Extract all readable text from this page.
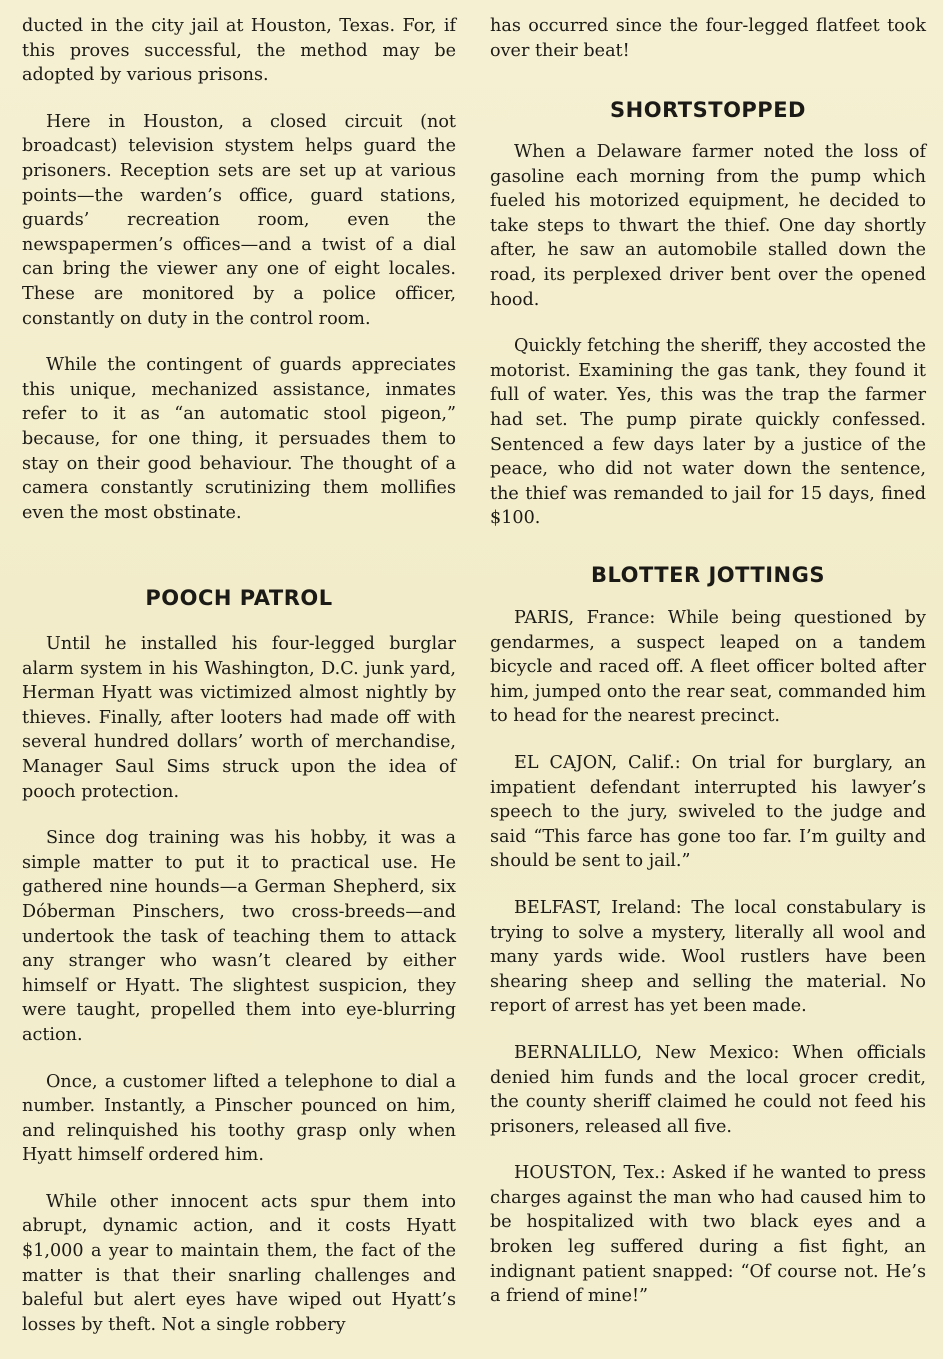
ducted in the city jail at Houston, Texas. For, if this proves successful, the method may be adopted by various prisons.

Here in Houston, a closed circuit (not broadcast) television stystem helps guard the prisoners. Reception sets are set up at various points—the warden’s office, guard stations, guards’ recreation room, even the newspapermen’s offices—and a twist of a dial can bring the viewer any one of eight locales. These are monitored by a police officer, constantly on duty in the control room.

While the contingent of guards appreciates this unique, mechanized assistance, inmates refer to it as “an automatic stool pigeon,” because, for one thing, it persuades them to stay on their good behaviour. The thought of a camera constantly scrutinizing them mollifies even the most obstinate.

POOCH PATROL

Until he installed his four-legged burglar alarm system in his Washington, D.C. junk yard, Herman Hyatt was victimized almost nightly by thieves. Finally, after looters had made off with several hundred dollars’ worth of merchandise, Manager Saul Sims struck upon the idea of pooch protection.

Since dog training was his hobby, it was a simple matter to put it to practical use. He gathered nine hounds—a German Shepherd, six Dóberman Pinschers, two cross-breeds—and undertook the task of teaching them to attack any stranger who wasn’t cleared by either himself or Hyatt. The slightest suspicion, they were taught, propelled them into eye-blurring action.

Once, a customer lifted a telephone to dial a number. Instantly, a Pinscher pounced on him, and relinquished his toothy grasp only when Hyatt himself ordered him.

While other innocent acts spur them into abrupt, dynamic action, and it costs Hyatt $1,000 a year to maintain them, the fact of the matter is that their snarling challenges and baleful but alert eyes have wiped out Hyatt’s losses by theft. Not a single robbery

has occurred since the four-legged flatfeet took over their beat!

SHORTSTOPPED

When a Delaware farmer noted the loss of gasoline each morning from the pump which fueled his motorized equipment, he decided to take steps to thwart the thief. One day shortly after, he saw an automobile stalled down the road, its perplexed driver bent over the opened hood.

Quickly fetching the sheriff, they accosted the motorist. Examining the gas tank, they found it full of water. Yes, this was the trap the farmer had set. The pump pirate quickly confessed. Sentenced a few days later by a justice of the peace, who did not water down the sentence, the thief was remanded to jail for 15 days, fined $100.

BLOTTER JOTTINGS

PARIS, France: While being questioned by gendarmes, a suspect leaped on a tandem bicycle and raced off. A fleet officer bolted after him, jumped onto the rear seat, commanded him to head for the nearest precinct.

EL CAJON, Calif.: On trial for burglary, an impatient defendant interrupted his lawyer’s speech to the jury, swiveled to the judge and said “This farce has gone too far. I’m guilty and should be sent to jail.”

BELFAST, Ireland: The local constabulary is trying to solve a mystery, literally all wool and many yards wide. Wool rustlers have been shearing sheep and selling the material. No report of arrest has yet been made.

BERNALILLO, New Mexico: When officials denied him funds and the local grocer credit, the county sheriff claimed he could not feed his prisoners, released all five.

HOUSTON, Tex.: Asked if he wanted to press charges against the man who had caused him to be hospitalized with two black eyes and a broken leg suffered during a fist fight, an indignant patient snapped: “Of course not. He’s a friend of mine!”
